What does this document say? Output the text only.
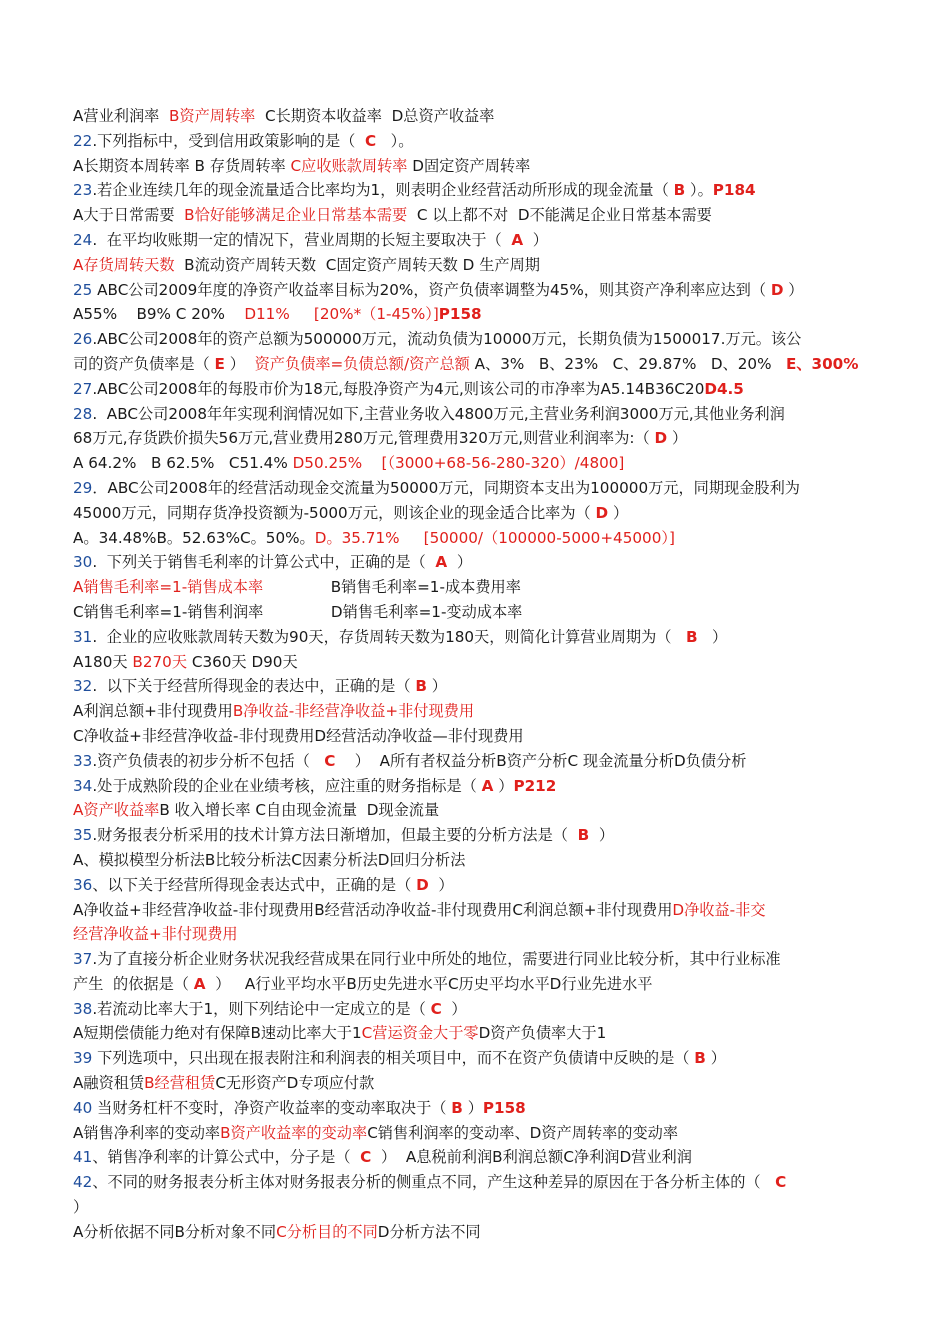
A营业利润率  B资产周转率  C长期资本收益率  D总资产收益率
22.下列指标中，受到信用政策影响的是（  C   ）。
A长期资本周转率 B 存货周转率 C应收账款周转率 D固定资产周转率
23.若企业连续几年的现金流量适合比率均为1，则表明企业经营活动所形成的现金流量（ B ）。P184
A大于日常需要  B恰好能够满足企业日常基本需要  C 以上都不对  D不能满足企业日常基本需要
24.  在平均收账期一定的情况下，营业周期的长短主要取决于（  A  ）
A存货周转天数  B流动资产周转天数  C固定资产周转天数 D 生产周期
25 ABC公司2009年度的净资产收益率目标为20%，资产负债率调整为45%，则其资产净利率应达到（ D ）
A55%    B9% C 20%    D11%     [20%*（1-45%）]P158
26.ABC公司2008年的资产总额为500000万元，流动负债为10000万元，长期负债为1500017.万元。该公
司的资产负债率是（ E ）  资产负债率=负债总额/资产总额 A、3%   B、23%   C、29.87%   D、20%   E、300%
27.ABC公司2008年的每股市价为18元,每股净资产为4元,则该公司的市净率为A5.14B36C20D4.5
28.  ABC公司2008年年实现利润情况如下,主营业务收入4800万元,主营业务利润3000万元,其他业务利润
68万元,存货跌价损失56万元,营业费用280万元,管理费用320万元,则营业利润率为:（ D ）
A 64.2%   B 62.5%   C51.4% D50.25%    [（3000+68-56-280-320）/4800]
29．ABC公司2008年的经营活动现金交流量为50000万元，同期资本支出为100000万元，同期现金股利为
45000万元，同期存货净投资额为-5000万元，则该企业的现金适合比率为（ D ）
A。34.48%B。52.63%C。50%。D。35.71%     [50000/（100000-5000+45000）]
30.  下列关于销售毛利率的计算公式中，正确的是（  A  ）
A销售毛利率=1-销售成本率              B销售毛利率=1-成本费用率
C销售毛利率=1-销售利润率              D销售毛利率=1-变动成本率
31.  企业的应收账款周转天数为90天，存货周转天数为180天，则简化计算营业周期为（   B   ）
A180天 B270天 C360天 D90天
32.  以下关于经营所得现金的表达中，正确的是（ B ）
A利润总额+非付现费用B净收益-非经营净收益+非付现费用
C净收益+非经营净收益-非付现费用D经营活动净收益—非付现费用
33.资产负债表的初步分析不包括（   C    ）  A所有者权益分析B资产分析C 现金流量分析D负债分析
34.处于成熟阶段的企业在业绩考核，应注重的财务指标是（ A ）P212
A资产收益率B 收入增长率 C自由现金流量  D现金流量
35.财务报表分析采用的技术计算方法日渐增加，但最主要的分析方法是（  B  ）
A、模拟模型分析法B比较分析法C因素分析法D回归分析法
36、以下关于经营所得现金表达式中，正确的是（ D  ）
A净收益+非经营净收益-非付现费用B经营活动净收益-非付现费用C利润总额+非付现费用D净收益-非交
经营净收益+非付现费用
37.为了直接分析企业财务状况我经营成果在同行业中所处的地位，需要进行同业比较分析，其中行业标准
产生  的依据是（ A  ）   A行业平均水平B历史先进水平C历史平均水平D行业先进水平
38.若流动比率大于1，则下列结论中一定成立的是（ C  ）
A短期偿债能力绝对有保障B速动比率大于1C营运资金大于零D资产负债率大于1
39 下列选项中，只出现在报表附注和利润表的相关项目中，而不在资产负债请中反映的是（ B ）
A融资租赁B经营租赁C无形资产D专项应付款
40 当财务杠杆不变时，净资产收益率的变动率取决于（ B ）P158
A销售净利率的变动率B资产收益率的变动率C销售利润率的变动率、D资产周转率的变动率
41、销售净利率的计算公式中，分子是（  C  ）  A息税前利润B利润总额C净利润D营业利润
42、不同的财务报表分析主体对财务报表分析的侧重点不同，产生这种差异的原因在于各分析主体的（   C
）
A分析依据不同B分析对象不同C分析目的不同D分析方法不同
